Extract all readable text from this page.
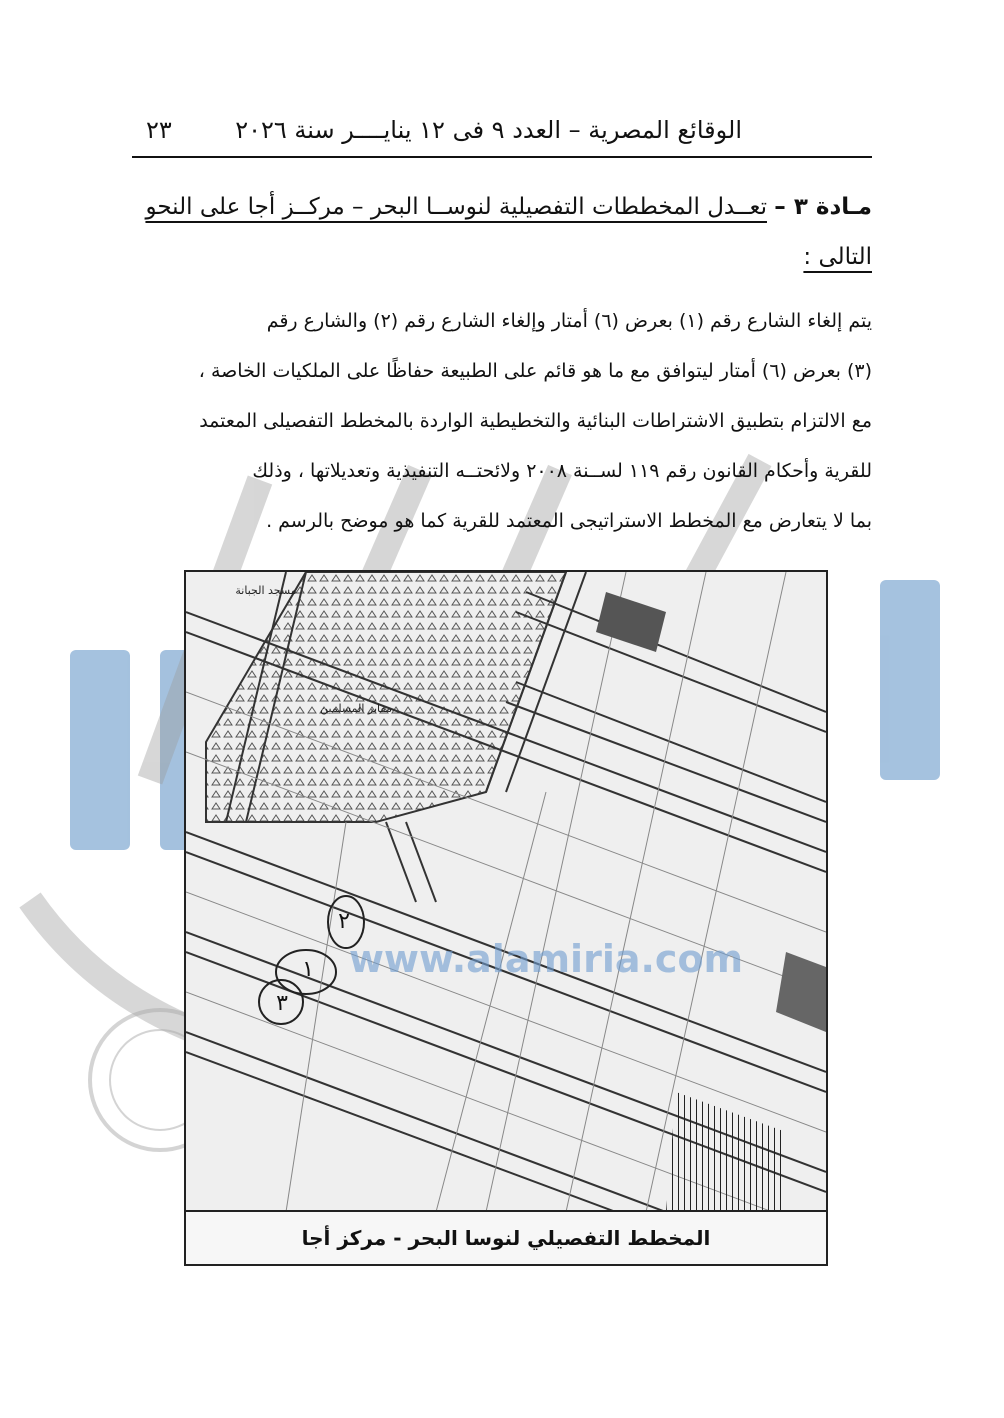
الوقائع المصرية – العدد ٩ فى ١٢ ينايــــر سنة ٢٠٢٦
٢٣
مـادة ٣ – تعــدل المخططات التفصيلية لنوســا البحر – مركــز أجا على النحو
التالى :

يتم إلغاء الشارع رقم (١) بعرض (٦) أمتار وإلغاء الشارع رقم (٢) والشارع رقم

(٣) بعرض (٦) أمتار ليتوافق مع ما هو قائم على الطبيعة حفاظًا على الملكيات الخاصة ،

مع الالتزام بتطبيق الاشتراطات البنائية والتخطيطية الواردة بالمخطط التفصيلى المعتمد

للقرية وأحكام القانون رقم ١١٩ لســنة ٢٠٠٨ ولائحتــه التنفيذية وتعديلاتها ، وذلك

بما لا يتعارض مع المخطط الاستراتيجى المعتمد للقرية كما هو موضح بالرسم .

٢
١
٣
مسجد الجبانة
مقابر المسلمين
www.alamiria.com
المخطط التفصيلي لنوسا البحر - مركز أجا
